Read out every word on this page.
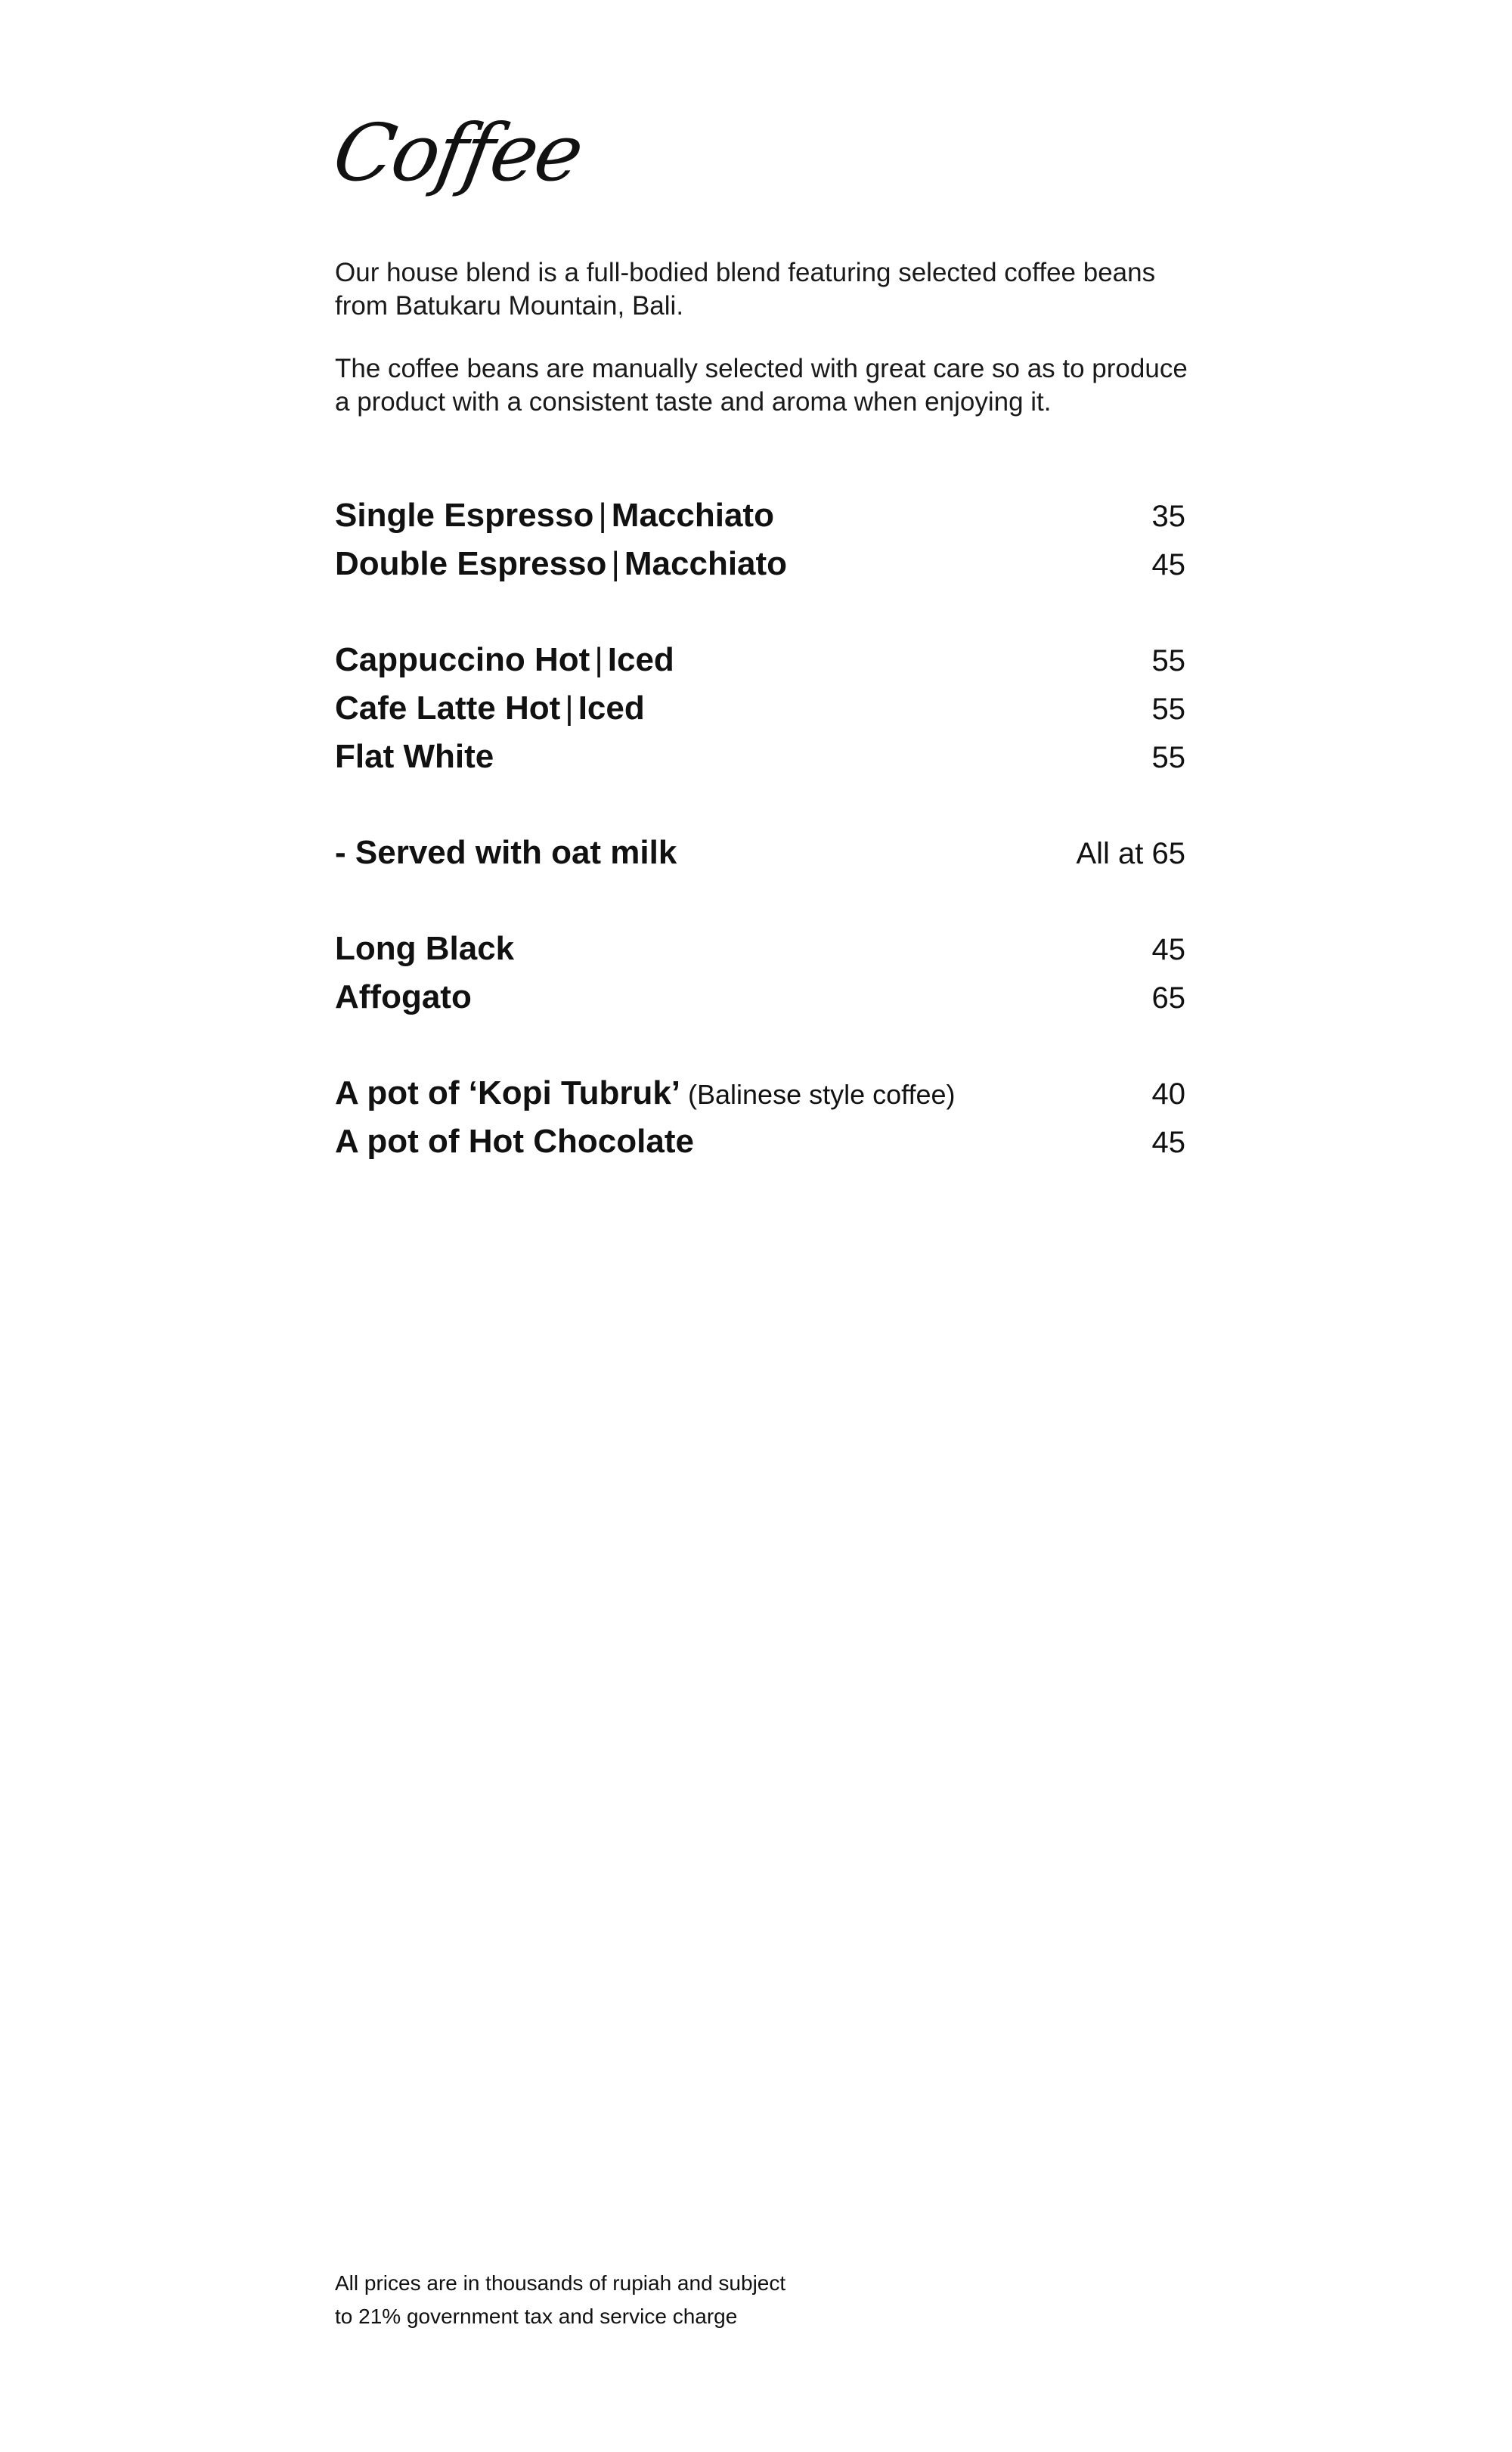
Coffee

Our house blend is a full-bodied blend featuring selected coffee beans from Batukaru Mountain, Bali.

The coffee beans are manually selected with great care so as to produce a product with a consistent taste and aroma when enjoying it.

Single Espresso | Macchiato	35
Double Espresso | Macchiato	45
Cappuccino Hot | Iced	55
Cafe Latte Hot | Iced	55
Flat White	55
- Served with oat milk	All at 65
Long Black	45
Affogato	65
A pot of ‘Kopi Tubruk’ (Balinese style coffee)	40
A pot of Hot Chocolate	45

All prices are in thousands of rupiah and subject

to 21% government tax and service charge
